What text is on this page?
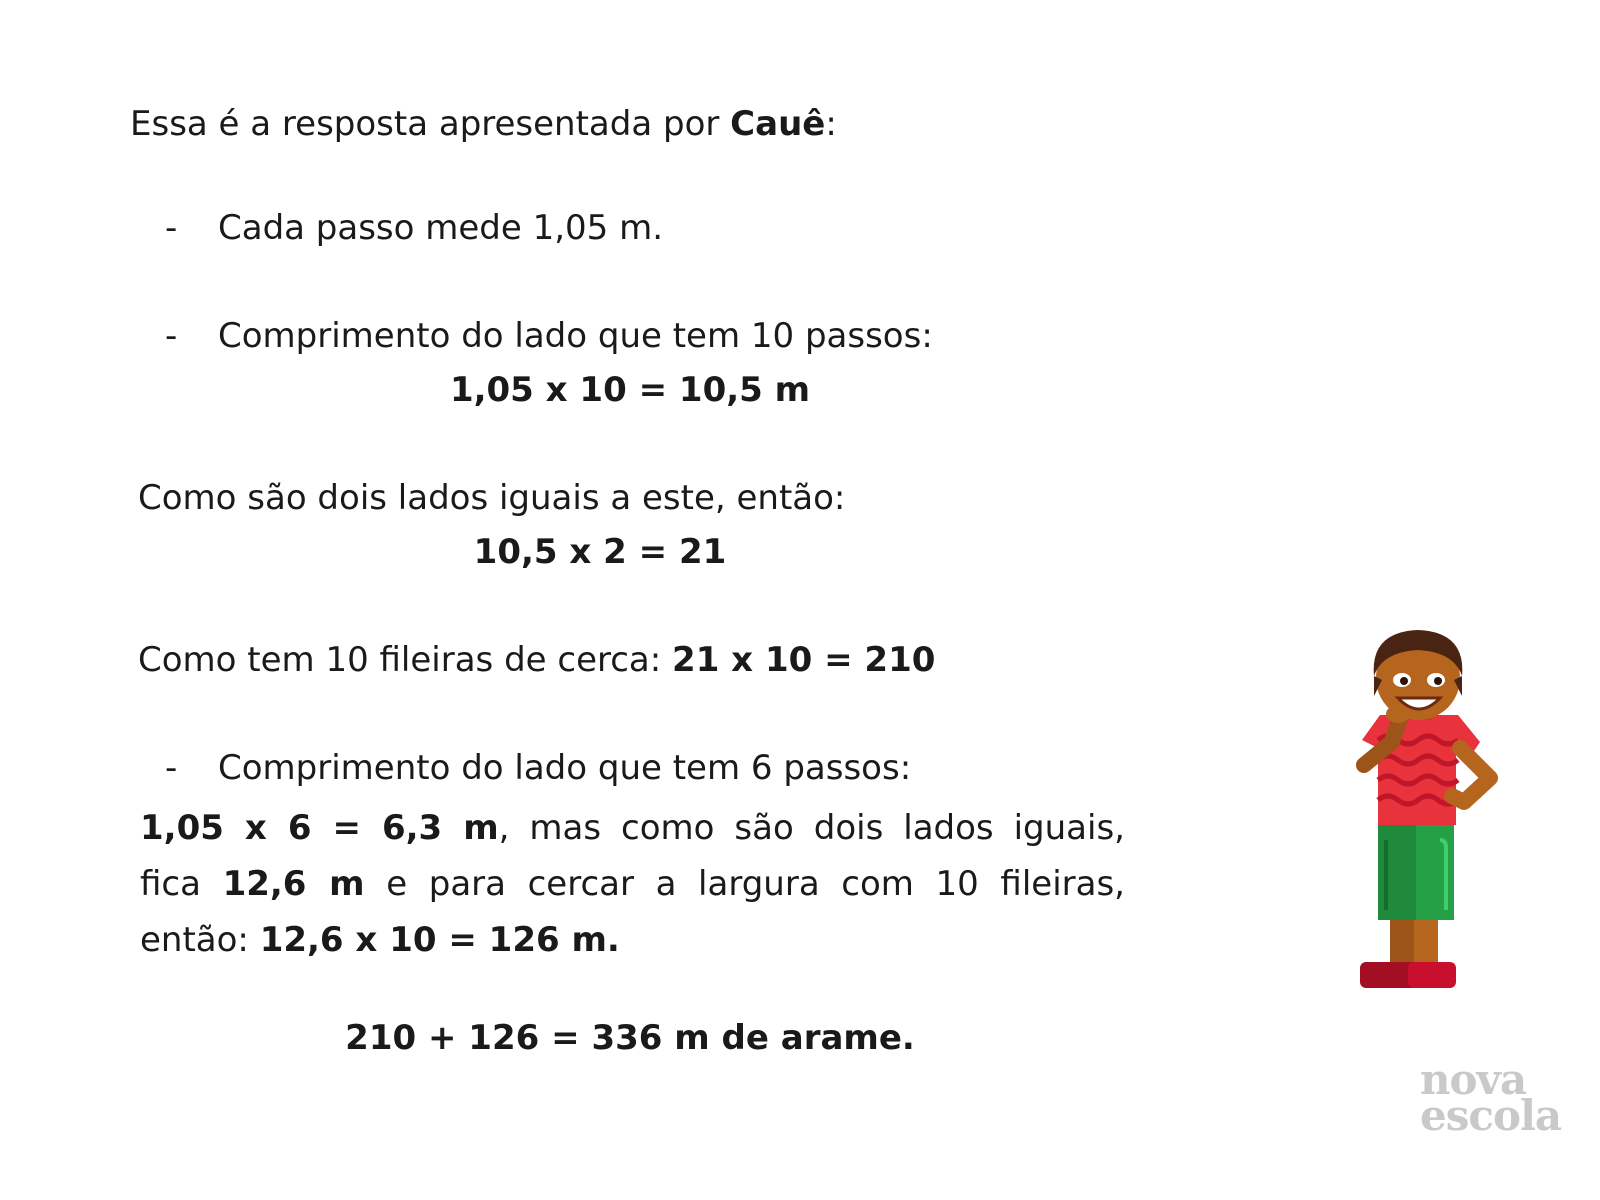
Essa é a resposta apresentada por Cauê:
- Cada passo mede 1,05 m.
- Comprimento do lado que tem 10 passos:
1,05 x 10 = 10,5 m
Como são dois lados iguais a este, então:
10,5 x 2 = 21
Como tem 10 fileiras de cerca: 21 x 10 = 210
- Comprimento do lado que tem 6 passos:
1,05 x 6 = 6,3 m, mas como são dois lados iguais,
fica 12,6 m e para cercar a largura com 10 fileiras,
então: 12,6 x 10 = 126 m.
210 + 126 = 336 m de arame.
nova
escola
